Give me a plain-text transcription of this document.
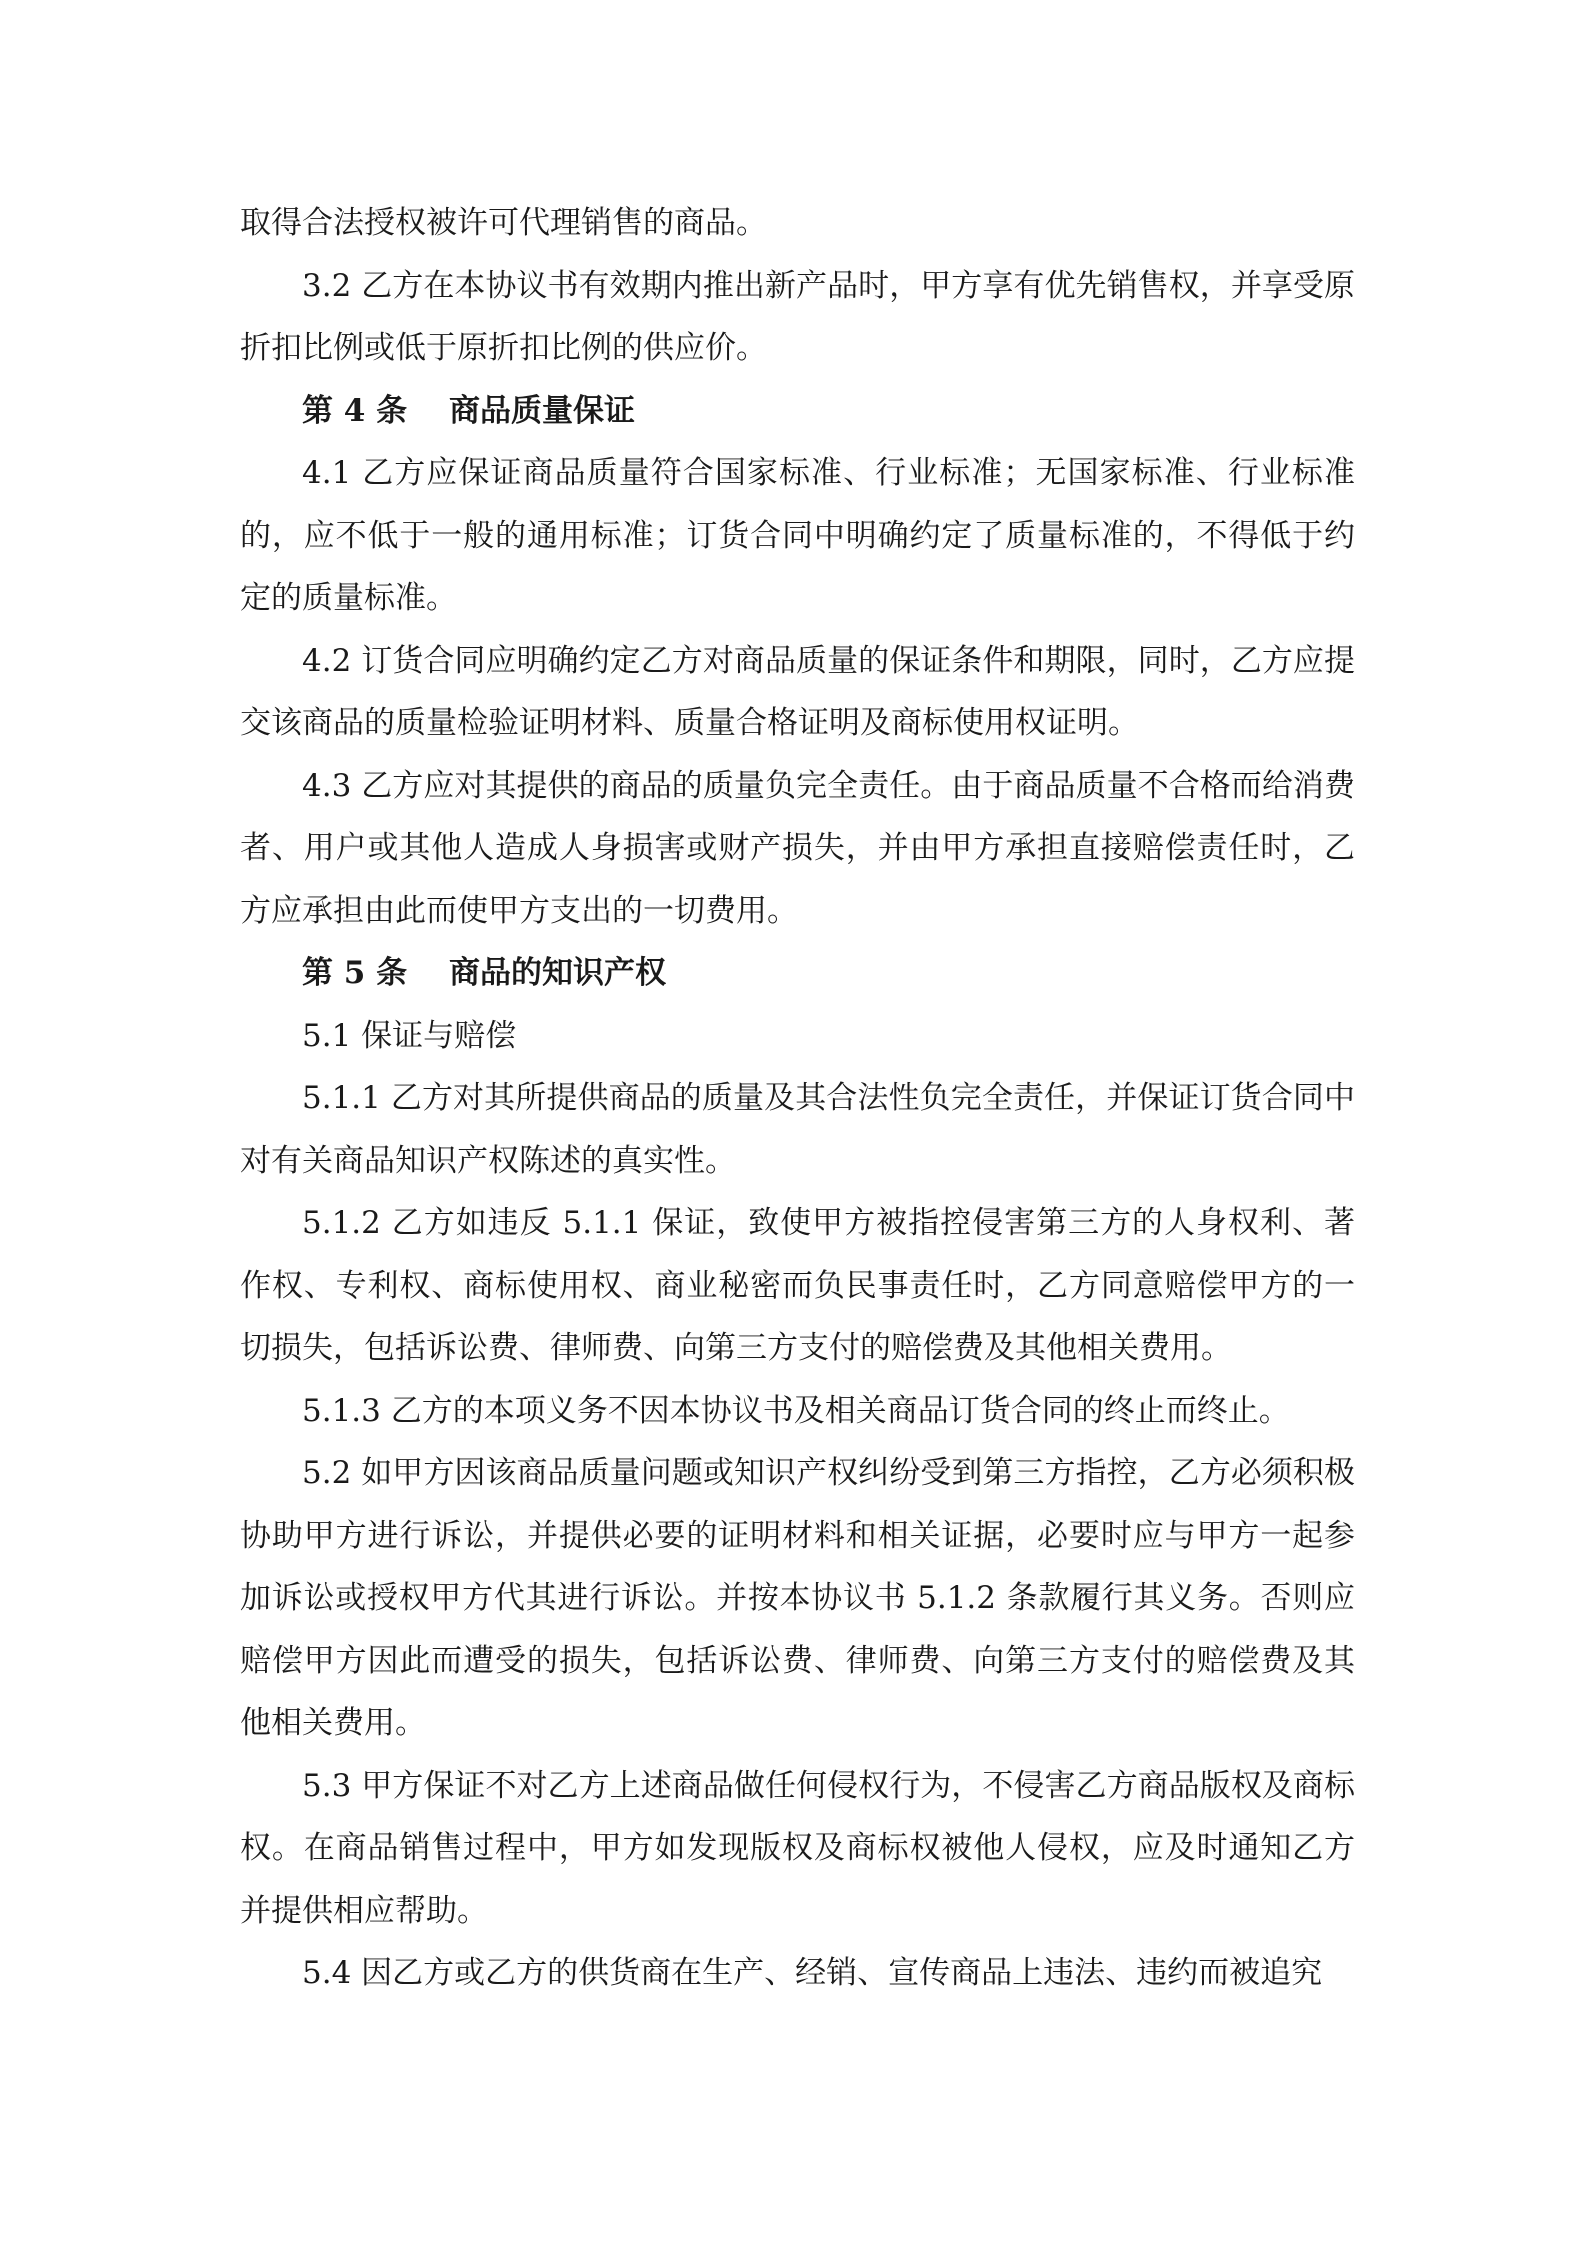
取得合法授权被许可代理销售的商品。

3.2 乙方在本协议书有效期内推出新产品时，甲方享有优先销售权，并享受原折扣比例或低于原折扣比例的供应价。

第 4 条　 商品质量保证

4.1 乙方应保证商品质量符合国家标准、行业标准；无国家标准、行业标准的，应不低于一般的通用标准；订货合同中明确约定了质量标准的，不得低于约定的质量标准。

4.2 订货合同应明确约定乙方对商品质量的保证条件和期限，同时，乙方应提交该商品的质量检验证明材料、质量合格证明及商标使用权证明。

4.3 乙方应对其提供的商品的质量负完全责任。由于商品质量不合格而给消费者、用户或其他人造成人身损害或财产损失，并由甲方承担直接赔偿责任时，乙方应承担由此而使甲方支出的一切费用。

第 5 条　 商品的知识产权

5.1 保证与赔偿

5.1.1 乙方对其所提供商品的质量及其合法性负完全责任，并保证订货合同中对有关商品知识产权陈述的真实性。

5.1.2 乙方如违反 5.1.1 保证，致使甲方被指控侵害第三方的人身权利、著作权、专利权、商标使用权、商业秘密而负民事责任时，乙方同意赔偿甲方的一切损失，包括诉讼费、律师费、向第三方支付的赔偿费及其他相关费用。

5.1.3 乙方的本项义务不因本协议书及相关商品订货合同的终止而终止。

5.2 如甲方因该商品质量问题或知识产权纠纷受到第三方指控，乙方必须积极协助甲方进行诉讼，并提供必要的证明材料和相关证据，必要时应与甲方一起参加诉讼或授权甲方代其进行诉讼。并按本协议书 5.1.2 条款履行其义务。否则应赔偿甲方因此而遭受的损失，包括诉讼费、律师费、向第三方支付的赔偿费及其他相关费用。

5.3 甲方保证不对乙方上述商品做任何侵权行为，不侵害乙方商品版权及商标权。在商品销售过程中，甲方如发现版权及商标权被他人侵权，应及时通知乙方并提供相应帮助。

5.4 因乙方或乙方的供货商在生产、经销、宣传商品上违法、违约而被追究
